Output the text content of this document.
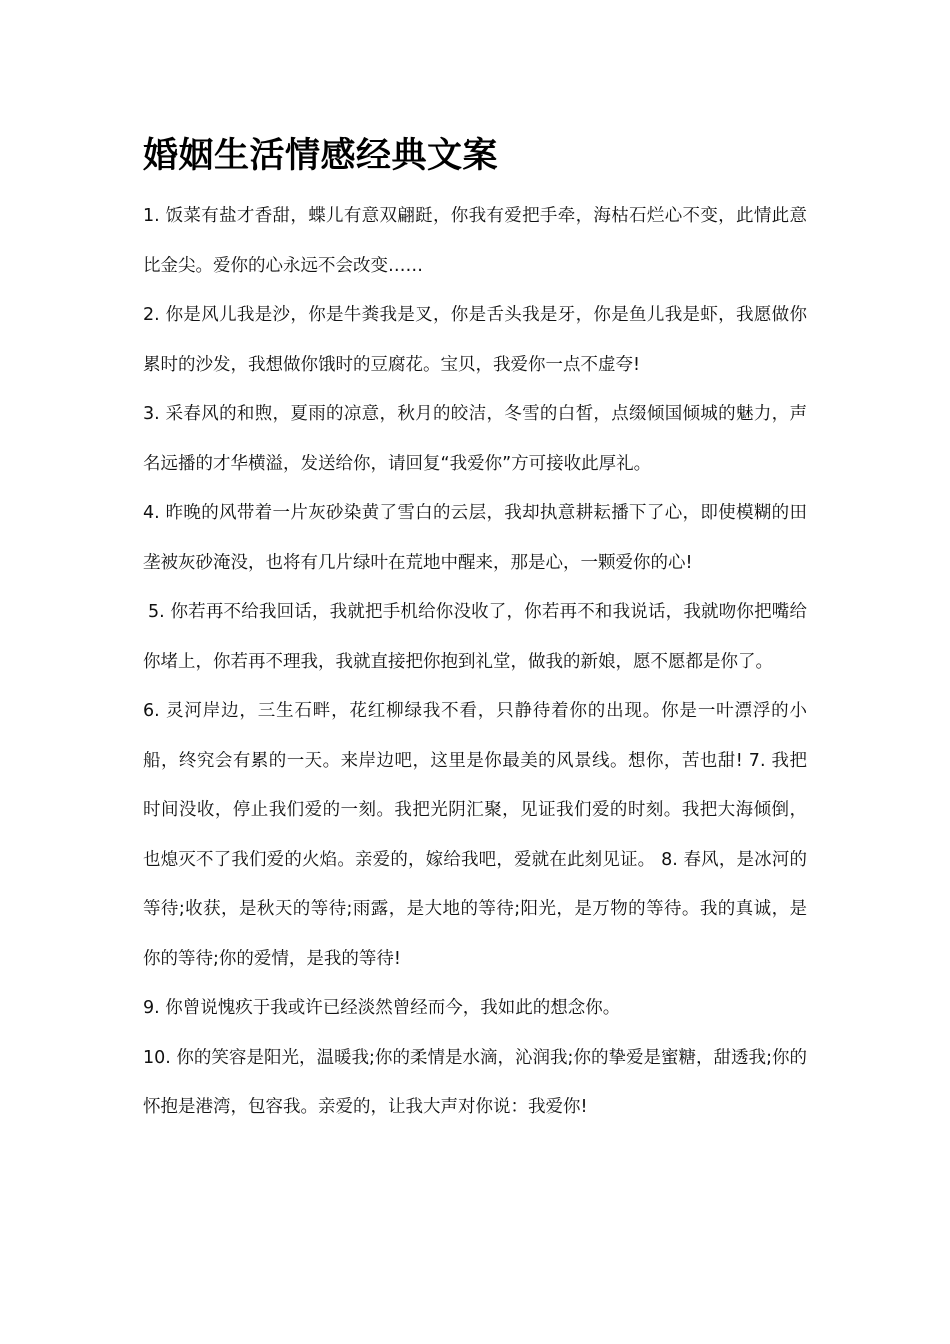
婚姻生活情感经典文案

1. 饭菜有盐才香甜，蝶儿有意双翩跹，你我有爱把手牵，海枯石烂心不变，此情此意比金尖。爱你的心永远不会改变……

2. 你是风儿我是沙，你是牛粪我是叉，你是舌头我是牙，你是鱼儿我是虾，我愿做你累时的沙发，我想做你饿时的豆腐花。宝贝，我爱你一点不虚夸!

3. 采春风的和煦，夏雨的凉意，秋月的皎洁，冬雪的白皙，点缀倾国倾城的魅力，声名远播的才华横溢，发送给你，请回复“我爱你”方可接收此厚礼。

4. 昨晚的风带着一片灰砂染黄了雪白的云层，我却执意耕耘播下了心，即使模糊的田垄被灰砂淹没，也将有几片绿叶在荒地中醒来，那是心，一颗爱你的心!

5. 你若再不给我回话，我就把手机给你没收了，你若再不和我说话，我就吻你把嘴给你堵上，你若再不理我，我就直接把你抱到礼堂，做我的新娘，愿不愿都是你了。

6. 灵河岸边，三生石畔，花红柳绿我不看，只静待着你的出现。你是一叶漂浮的小船，终究会有累的一天。来岸边吧，这里是你最美的风景线。想你，苦也甜! 7. 我把时间没收，停止我们爱的一刻。我把光阴汇聚，见证我们爱的时刻。我把大海倾倒，也熄灭不了我们爱的火焰。亲爱的，嫁给我吧，爱就在此刻见证。 8. 春风，是冰河的等待;收获，是秋天的等待;雨露，是大地的等待;阳光，是万物的等待。我的真诚，是你的等待;你的爱情，是我的等待!

9. 你曾说愧疚于我或许已经淡然曾经而今，我如此的想念你。

10. 你的笑容是阳光，温暖我;你的柔情是水滴，沁润我;你的挚爱是蜜糖，甜透我;你的怀抱是港湾，包容我。亲爱的，让我大声对你说：我爱你!
